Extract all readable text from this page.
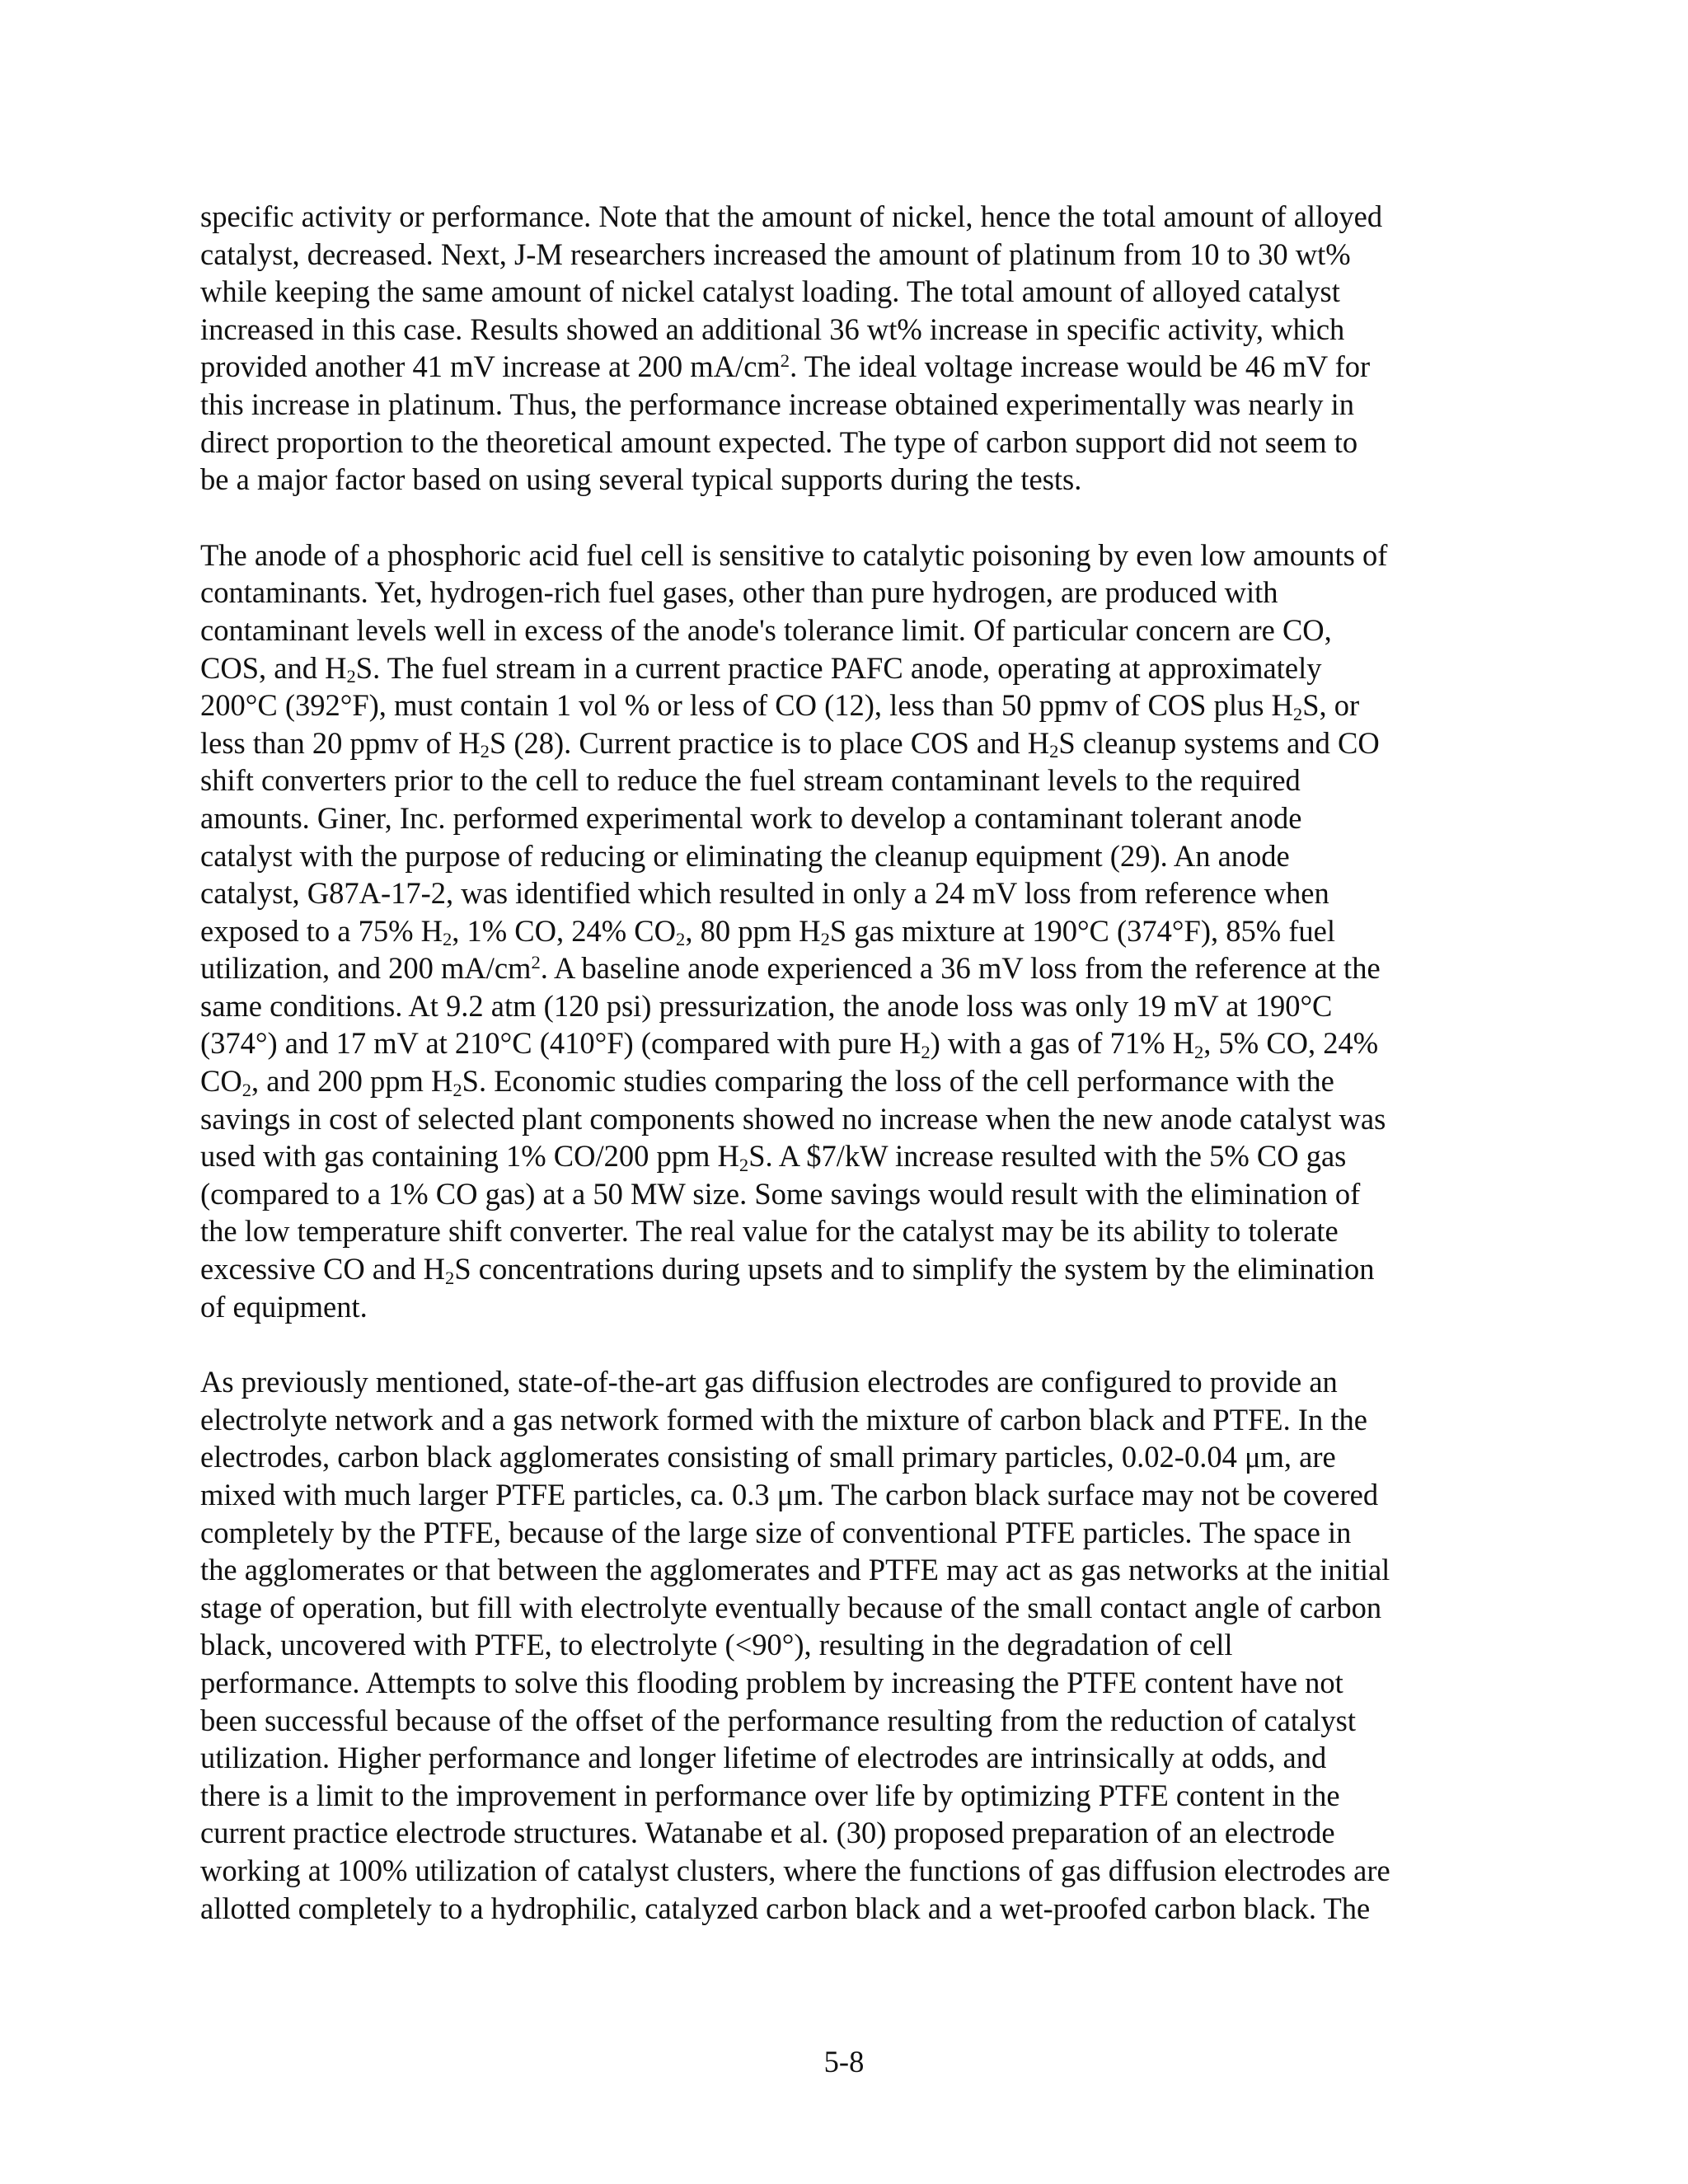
specific activity or performance. Note that the amount of nickel, hence the total amount of alloyed
catalyst, decreased. Next, J-M researchers increased the amount of platinum from 10 to 30 wt%
while keeping the same amount of nickel catalyst loading. The total amount of alloyed catalyst
increased in this case. Results showed an additional 36 wt% increase in specific activity, which
provided another 41 mV increase at 200 $mA/cm^2$. The ideal voltage increase would be 46 mV for
this increase in platinum. Thus, the performance increase obtained experimentally was nearly in
direct proportion to the theoretical amount expected. The type of carbon support did not seem to
be a major factor based on using several typical supports during the tests.

The anode of a phosphoric acid fuel cell is sensitive to catalytic poisoning by even low amounts of
contaminants. Yet, hydrogen-rich fuel gases, other than pure hydrogen, are produced with
contaminant levels well in excess of the anode's tolerance limit. Of particular concern are CO,
COS, and $H_2S$. The fuel stream in a current practice PAFC anode, operating at approximately
200°C (392°F), must contain 1 vol % or less of CO (12), less than 50 ppmv of COS plus $H_2S$, or
less than 20 ppmv of $H_2S$ (28). Current practice is to place COS and $H_2S$ cleanup systems and CO
shift converters prior to the cell to reduce the fuel stream contaminant levels to the required
amounts. Giner, Inc. performed experimental work to develop a contaminant tolerant anode
catalyst with the purpose of reducing or eliminating the cleanup equipment (29). An anode
catalyst, G87A-17-2, was identified which resulted in only a 24 mV loss from reference when
exposed to a 75% $H_2$, 1% CO, 24% $CO_2$, 80 ppm $H_2S$ gas mixture at 190°C (374°F), 85% fuel
utilization, and 200 $mA/cm^2$. A baseline anode experienced a 36 mV loss from the reference at the
same conditions. At 9.2 atm (120 psi) pressurization, the anode loss was only 19 mV at 190°C
(374°) and 17 mV at 210°C (410°F) (compared with pure $H_2$) with a gas of 71% $H_2$, 5% CO, 24%
$CO_2$, and 200 ppm $H_2S$. Economic studies comparing the loss of the cell performance with the
savings in cost of selected plant components showed no increase when the new anode catalyst was
used with gas containing 1% CO/200 ppm $H_2S$. A $7/kW increase resulted with the 5% CO gas
(compared to a 1% CO gas) at a 50 MW size. Some savings would result with the elimination of
the low temperature shift converter. The real value for the catalyst may be its ability to tolerate
excessive CO and $H_2S$ concentrations during upsets and to simplify the system by the elimination
of equipment.

As previously mentioned, state-of-the-art gas diffusion electrodes are configured to provide an
electrolyte network and a gas network formed with the mixture of carbon black and PTFE. In the
electrodes, carbon black agglomerates consisting of small primary particles, 0.02-0.04 μm, are
mixed with much larger PTFE particles, ca. 0.3 μm. The carbon black surface may not be covered
completely by the PTFE, because of the large size of conventional PTFE particles. The space in
the agglomerates or that between the agglomerates and PTFE may act as gas networks at the initial
stage of operation, but fill with electrolyte eventually because of the small contact angle of carbon
black, uncovered with PTFE, to electrolyte (<90°), resulting in the degradation of cell
performance. Attempts to solve this flooding problem by increasing the PTFE content have not
been successful because of the offset of the performance resulting from the reduction of catalyst
utilization. Higher performance and longer lifetime of electrodes are intrinsically at odds, and
there is a limit to the improvement in performance over life by optimizing PTFE content in the
current practice electrode structures. Watanabe et al. (30) proposed preparation of an electrode
working at 100% utilization of catalyst clusters, where the functions of gas diffusion electrodes are
allotted completely to a hydrophilic, catalyzed carbon black and a wet-proofed carbon black. The

5-8
